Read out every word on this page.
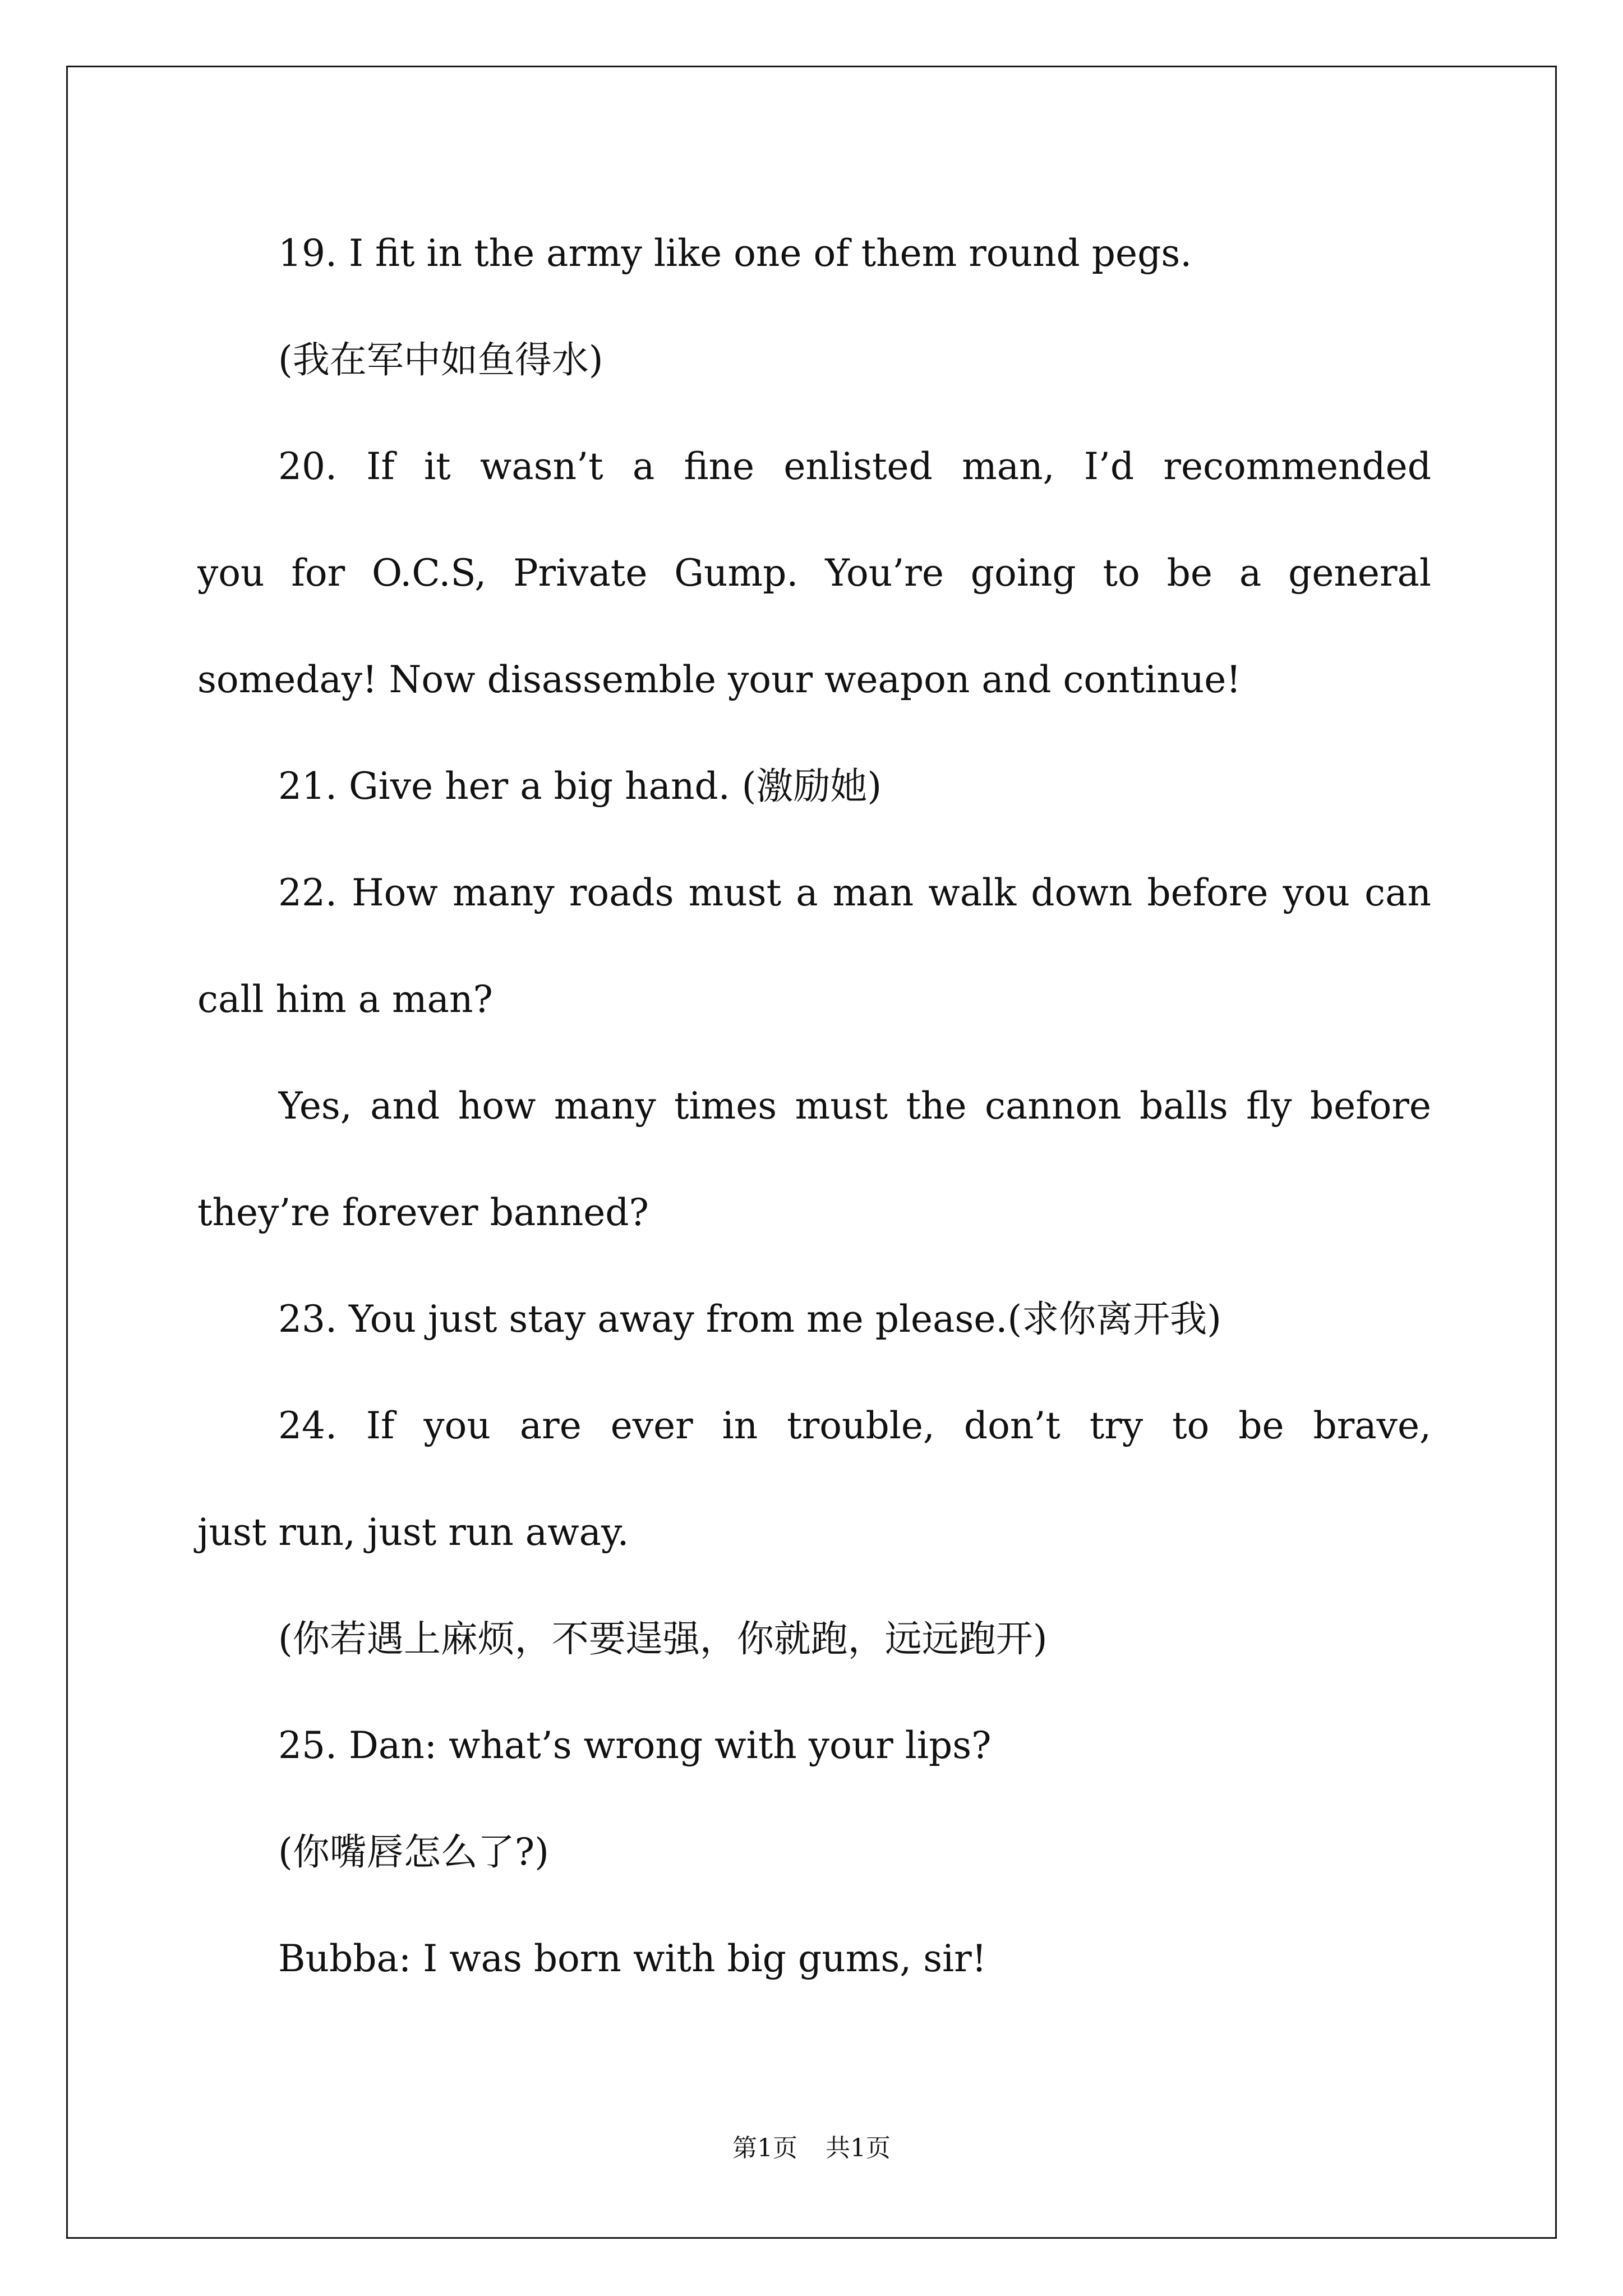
19. I fit in the army like one of them round pegs.

(我在军中如鱼得水)

20. If it wasn’t a fine enlisted man, I’d recommended

you for O.C.S, Private Gump. You’re going to be a general

someday! Now disassemble your weapon and continue!

21. Give her a big hand. (激励她)

22. How many roads must a man walk down before you can

call him a man?

Yes, and how many times must the cannon balls fly before

they’re forever banned?

23. You just stay away from me please.(求你离开我)

24. If you are ever in trouble, don’t try to be brave,

just run, just run away.

(你若遇上麻烦，不要逞强，你就跑，远远跑开)

25. Dan: what’s wrong with your lips?

(你嘴唇怎么了?)

Bubba: I was born with big gums, sir!

第1页 共1页
